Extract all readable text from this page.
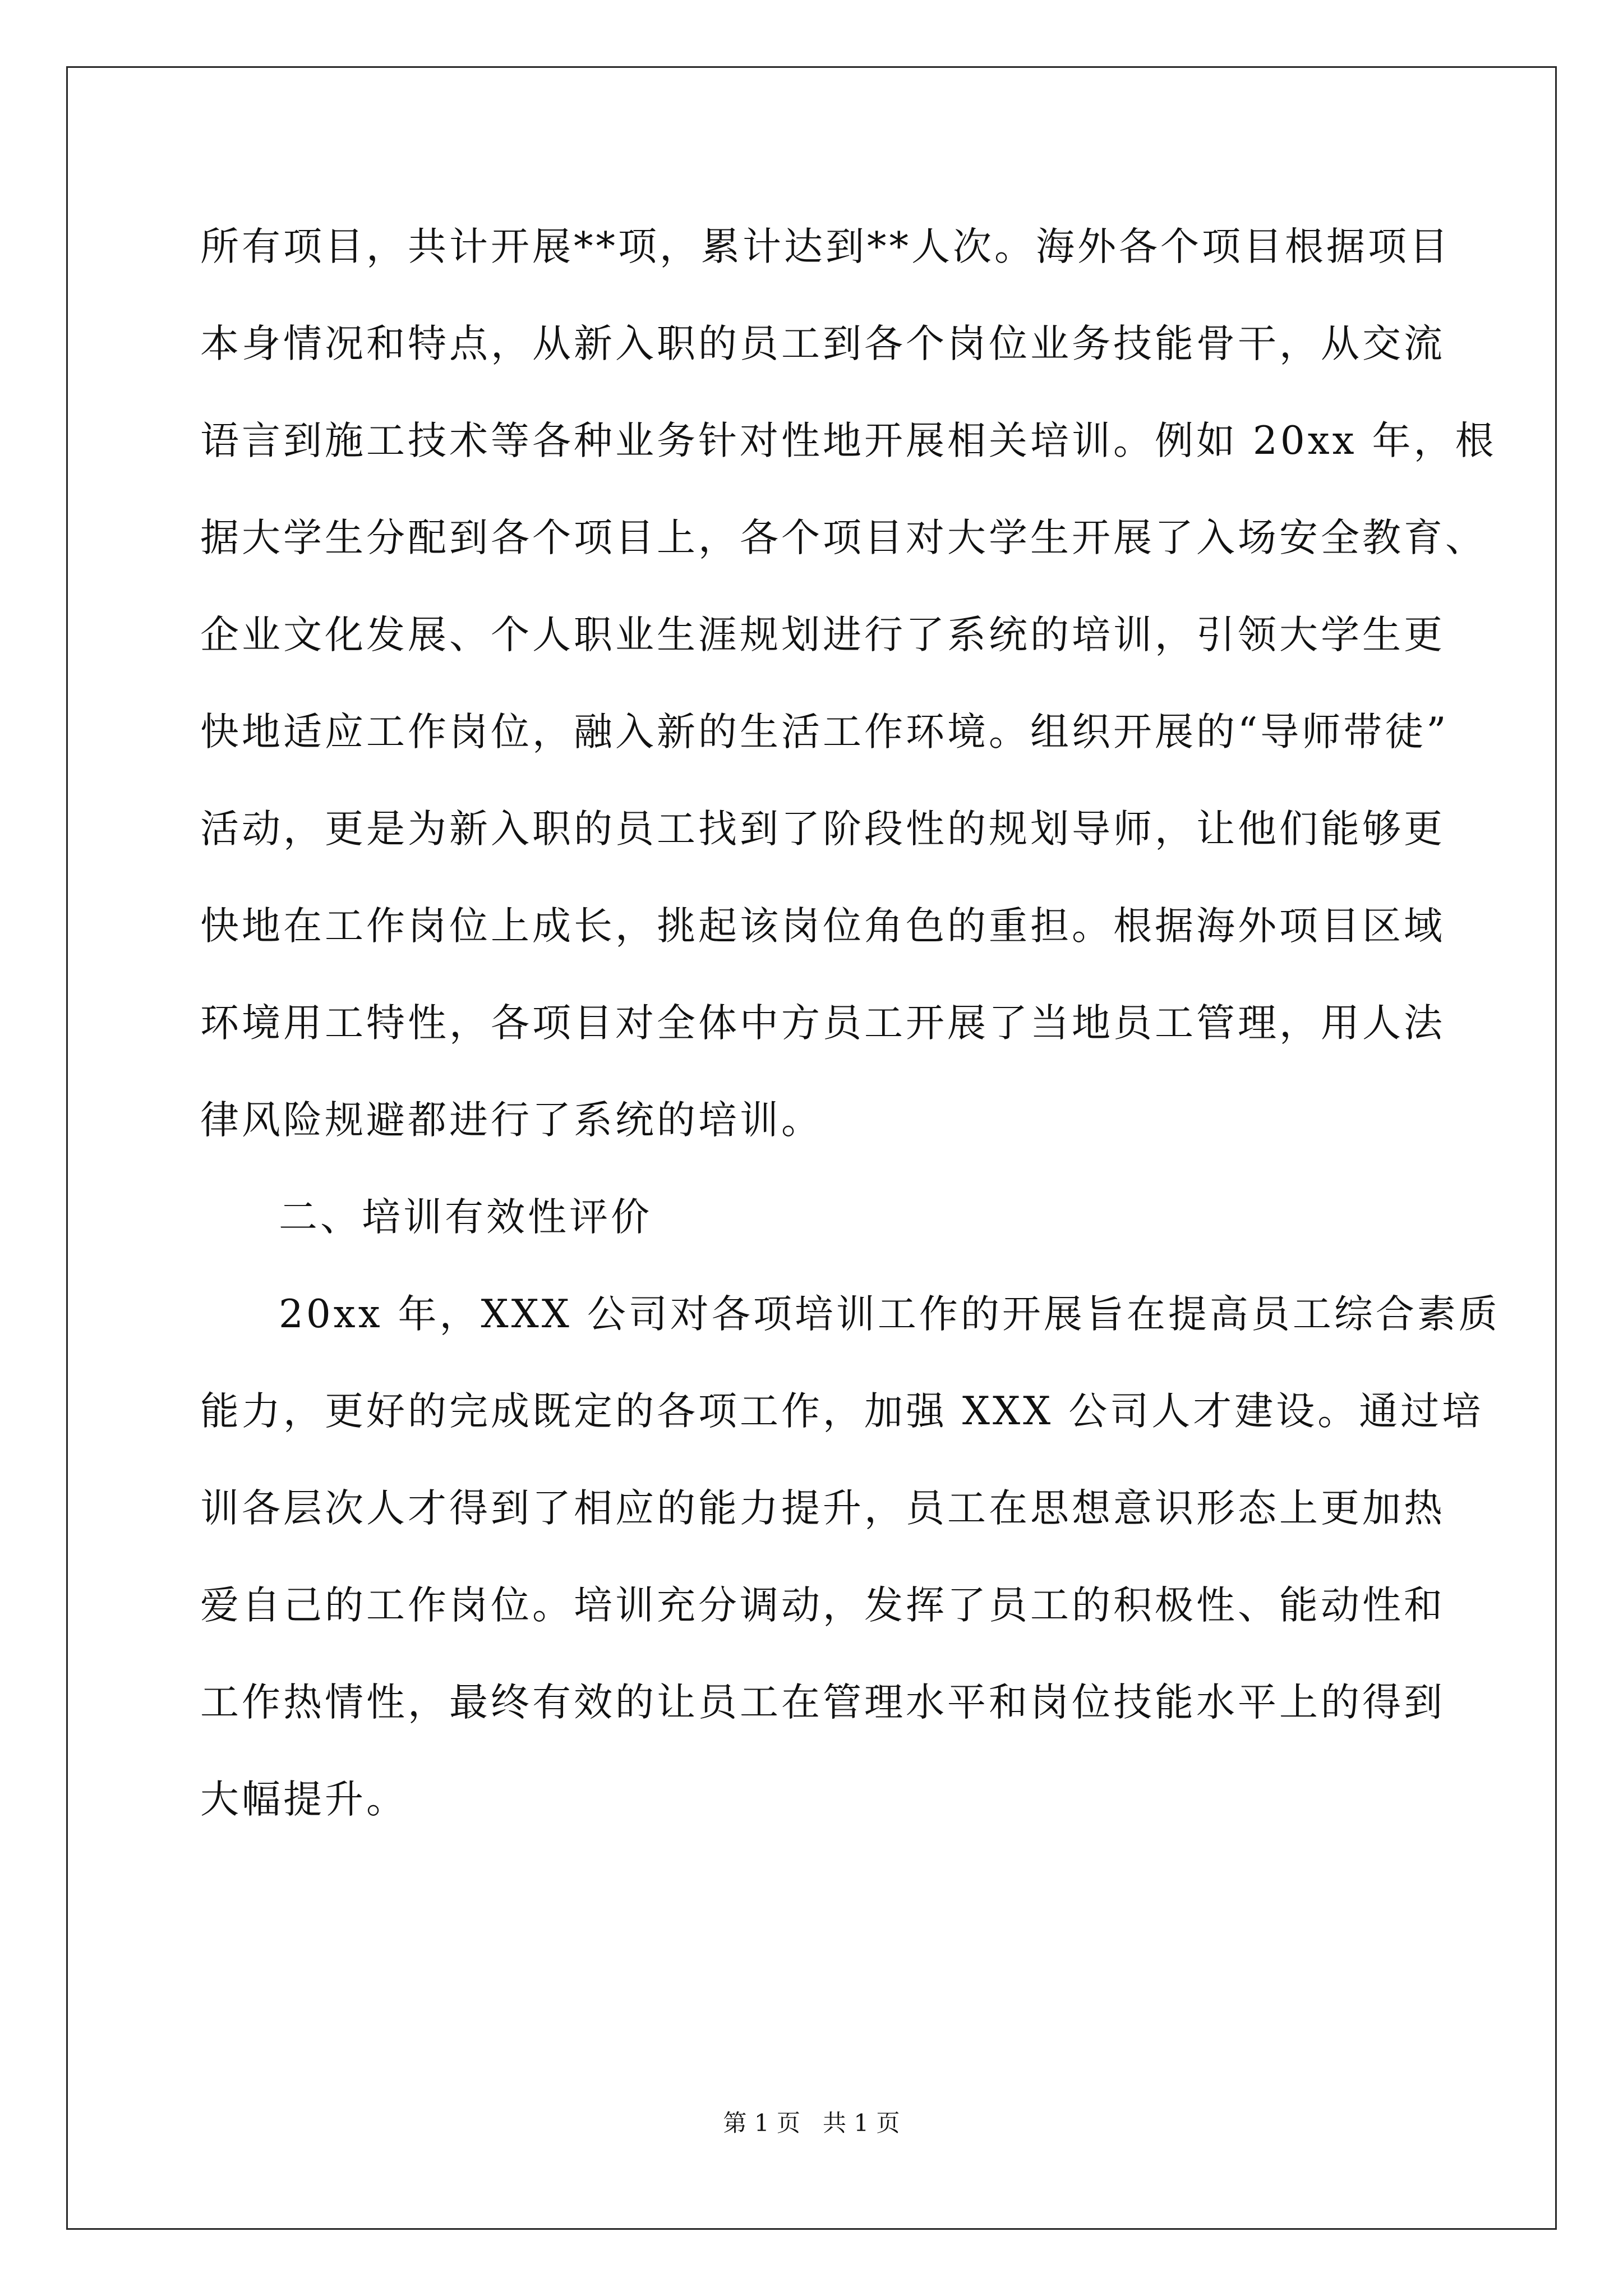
所有项目，共计开展**项，累计达到**人次。海外各个项目根据项目
本身情况和特点，从新入职的员工到各个岗位业务技能骨干，从交流
语言到施工技术等各种业务针对性地开展相关培训。例如 20xx 年，根
据大学生分配到各个项目上，各个项目对大学生开展了入场安全教育、
企业文化发展、个人职业生涯规划进行了系统的培训，引领大学生更
快地适应工作岗位，融入新的生活工作环境。组织开展的“导师带徒”
活动，更是为新入职的员工找到了阶段性的规划导师，让他们能够更
快地在工作岗位上成长，挑起该岗位角色的重担。根据海外项目区域
环境用工特性，各项目对全体中方员工开展了当地员工管理，用人法
律风险规避都进行了系统的培训。
二、培训有效性评价
20xx 年，XXX 公司对各项培训工作的开展旨在提高员工综合素质
能力，更好的完成既定的各项工作，加强 XXX 公司人才建设。通过培
训各层次人才得到了相应的能力提升，员工在思想意识形态上更加热
爱自己的工作岗位。培训充分调动，发挥了员工的积极性、能动性和
工作热情性，最终有效的让员工在管理水平和岗位技能水平上的得到
大幅提升。
第 1 页   共 1 页
